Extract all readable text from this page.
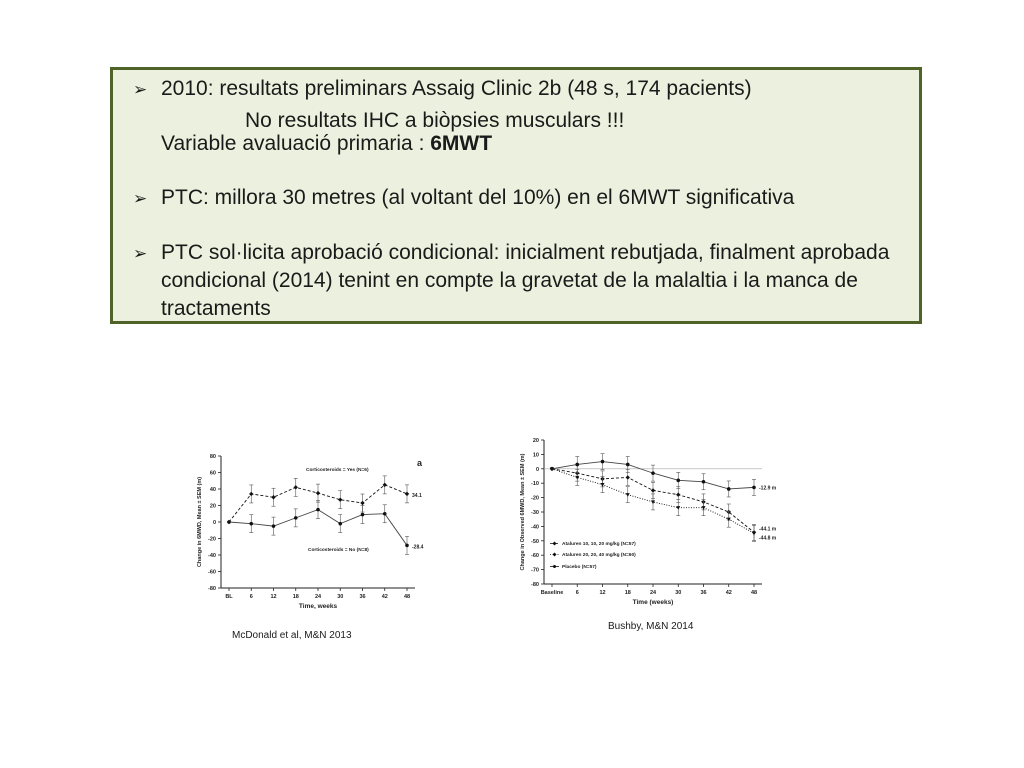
➢ 2010: resultats preliminars Assaig Clinic 2b (48 s, 174 pacients)
No resultats IHC a biòpsies musculars !!!
Variable avaluació primaria : 6MWT
➢ PTC: millora 30 metres (al voltant del 10%) en el 6MWT significativa
➢ PTC sol·licita aprobació condicional: inicialment rebutjada, finalment aprobada
condicional (2014) tenint en compte la gravetat de la malaltia i la manca de
tractaments
80
60
40
20
0
-20
-40
-60
-80
BL	6	12	18	24	30	36	42	48
Time, weeks
Change in 6MWD, Mean ± SEM (m)	34.1
-28.4
Corticosteroids = Yes (N=6)
Corticosteroids = No (N=8)
a
McDonald et al, M&N 2013
20
10
0
-10
-20
-30
-40
-50
-60
-70
-80
Baseline 6	12	18	24	30	36	42	48
Time (weeks)
Change in Observed 6MWD, Mean ± SEM (m)	-44.1 m
-44.8 m
-12.9 m
Ataluren 10, 10, 20 mg/kg (N=57)
Ataluren 20, 20, 40 mg/kg (N=60)
Placebo (N=57)
Bushby, M&N 2014
